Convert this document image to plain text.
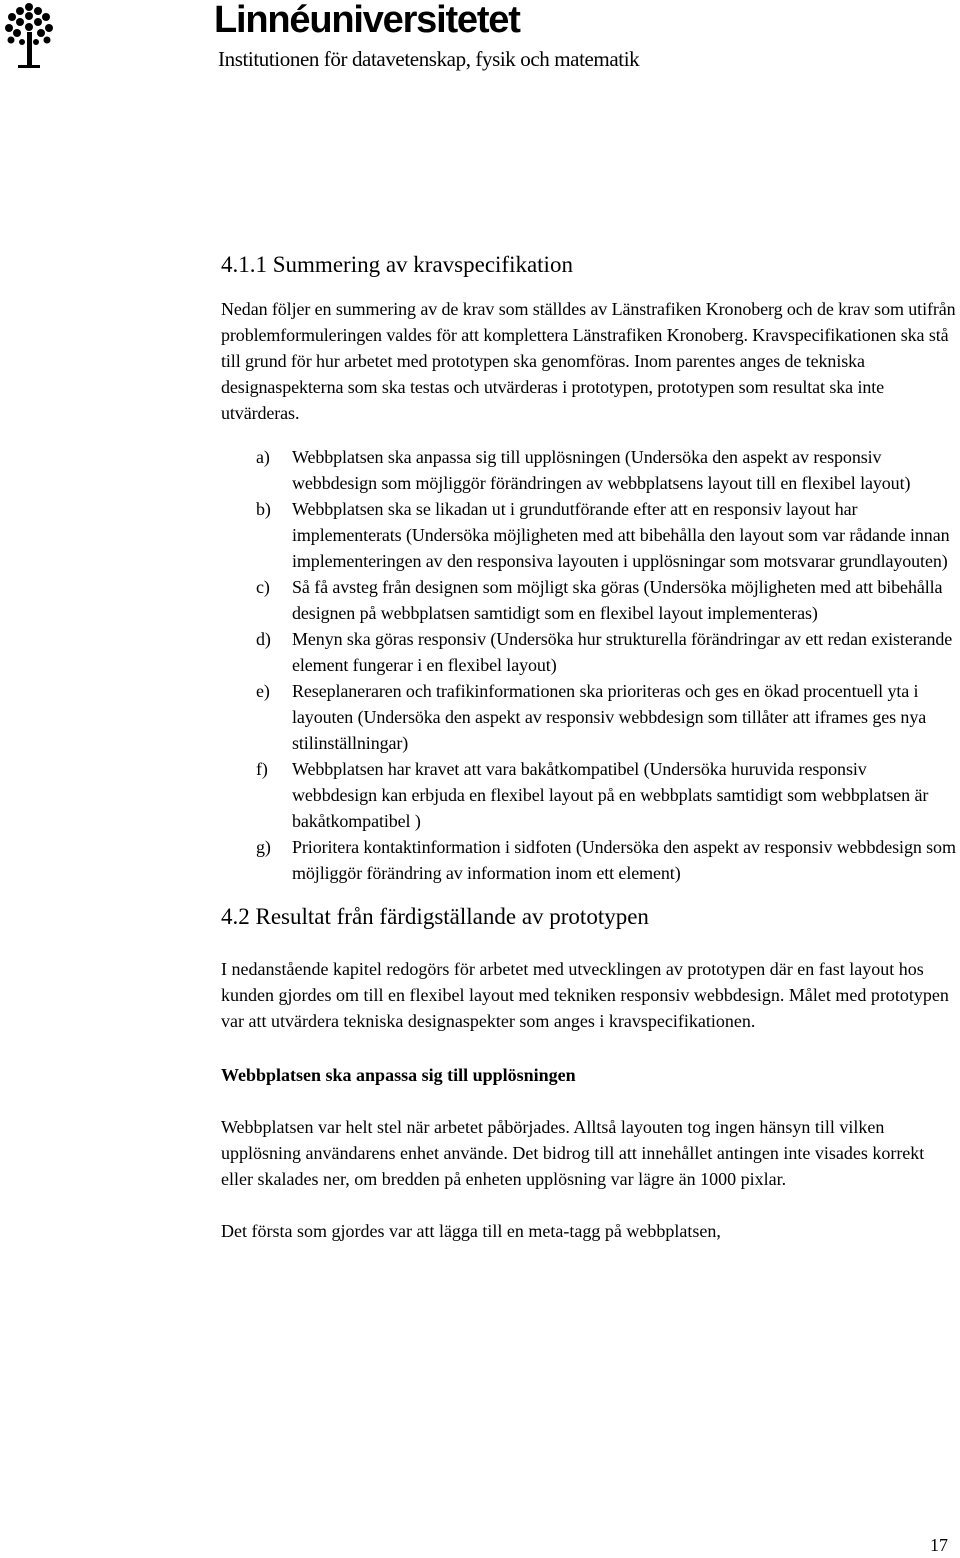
Linnéuniversitetet
Institutionen för datavetenskap, fysik och matematik
4.1.1 Summering av kravspecifikation

Nedan följer en summering av de krav som ställdes av Länstrafiken Kronoberg och de krav som utifrån problemformuleringen valdes för att komplettera Länstrafiken Kronoberg. Kravspecifikationen ska stå till grund för hur arbetet med prototypen ska genomföras. Inom parentes anges de tekniska designaspekterna som ska testas och utvärderas i prototypen, prototypen som resultat ska inte utvärderas.

a) Webbplatsen ska anpassa sig till upplösningen (Undersöka den aspekt av responsiv webbdesign som möjliggör förändringen av webbplatsens layout till en flexibel layout)
b) Webbplatsen ska se likadan ut i grundutförande efter att en responsiv layout har implementerats (Undersöka möjligheten med att bibehålla den layout som var rådande innan implementeringen av den responsiva layouten i upplösningar som motsvarar grundlayouten)
c) Så få avsteg från designen som möjligt ska göras (Undersöka möjligheten med att bibehålla designen på webbplatsen samtidigt som en flexibel layout implementeras)
d) Menyn ska göras responsiv (Undersöka hur strukturella förändringar av ett redan existerande element fungerar i en flexibel layout)
e) Reseplaneraren och trafikinformationen ska prioriteras och ges en ökad procentuell yta i layouten (Undersöka den aspekt av responsiv webbdesign som tillåter att iframes ges nya stilinställningar)
f) Webbplatsen har kravet att vara bakåtkompatibel (Undersöka huruvida responsiv webbdesign kan erbjuda en flexibel layout på en webbplats samtidigt som webbplatsen är bakåtkompatibel )
g) Prioritera kontaktinformation i sidfoten (Undersöka den aspekt av responsiv webbdesign som möjliggör förändring av information inom ett element)
4.2 Resultat från färdigställande av prototypen

I nedanstående kapitel redogörs för arbetet med utvecklingen av prototypen där en fast layout hos kunden gjordes om till en flexibel layout med tekniken responsiv webbdesign. Målet med prototypen var att utvärdera tekniska designaspekter som anges i kravspecifikationen.

Webbplatsen ska anpassa sig till upplösningen

Webbplatsen var helt stel när arbetet påbörjades. Alltså layouten tog ingen hänsyn till vilken upplösning användarens enhet använde. Det bidrog till att innehållet antingen inte visades korrekt eller skalades ner, om bredden på enheten upplösning var lägre än 1000 pixlar.

Det första som gjordes var att lägga till en meta-tagg på webbplatsen,

17
